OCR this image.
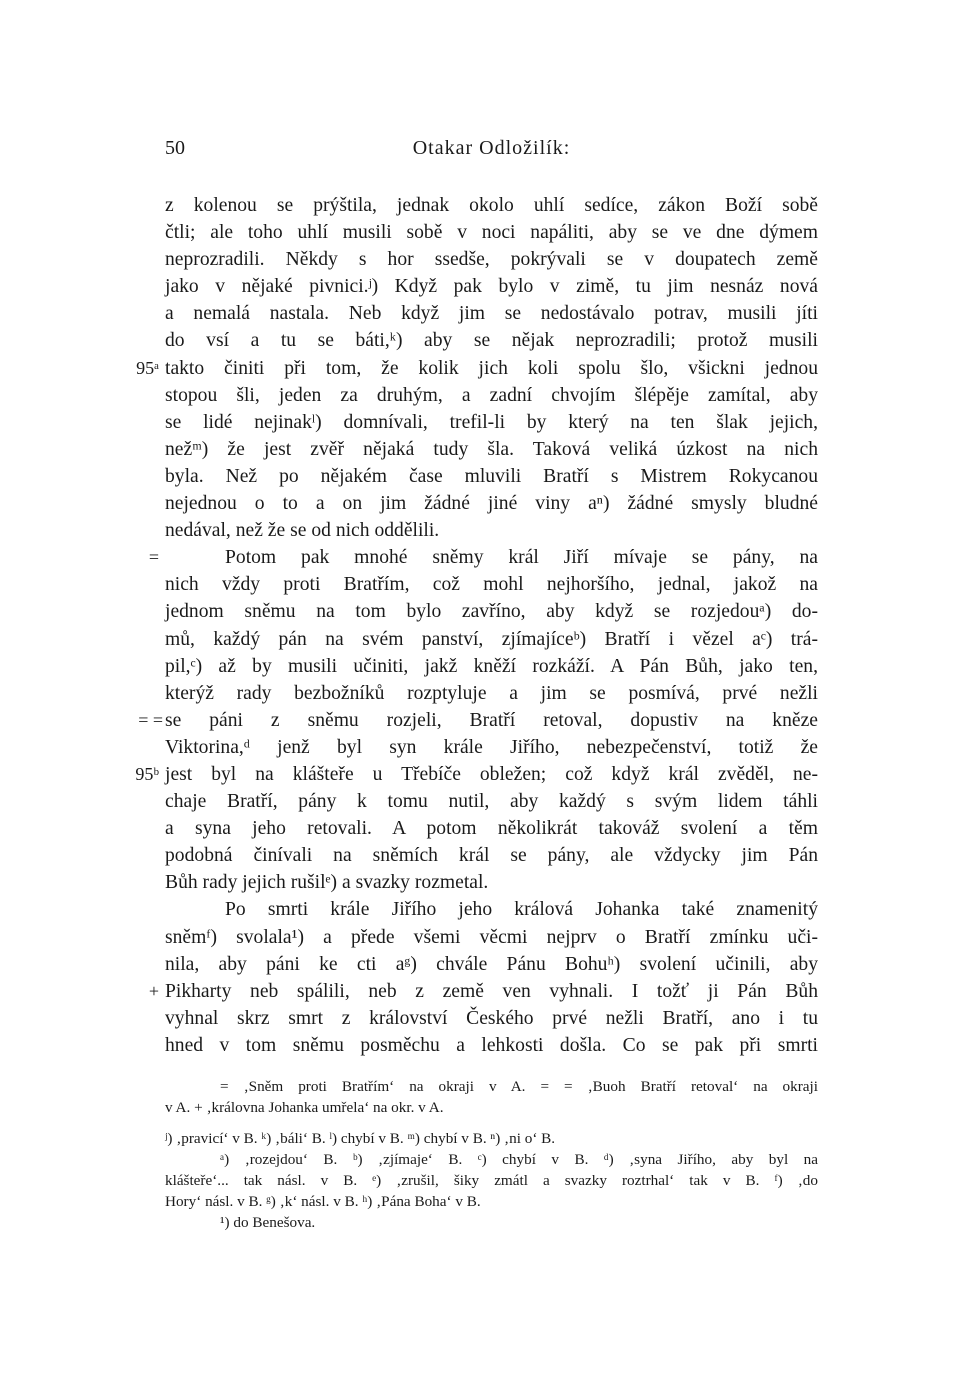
50	Otakar Odložilík:
z kolenou se prýštila, jednak okolo uhlí sedíce, zákon Boží sobě
čtli; ale toho uhlí musili sobě v noci napáliti, aby se ve dne dýmem
neprozradili. Někdy s hor ssedše, pokrývali se v doupatech země
jako v nějaké pivnici.ʲ) Když pak bylo v zimě, tu jim nesnáz nová
a nemalá nastala. Neb když jim se nedostávalo potrav, musili jíti
do vsí a tu se báti,ᵏ) aby se nějak neprozradili; protož musili
95ᵃ takto činiti při tom, že kolik jich koli spolu šlo, všickni jednou
stopou šli, jeden za druhým, a zadní chvojím šlépěje zamítal, aby
se lidé nejinakˡ) domnívali, trefil-li by který na ten šlak jejich,
nežᵐ) že jest zvěř nějaká tudy šla. Taková veliká úzkost na nich
byla. Než po nějakém čase mluvili Bratří s Mistrem Rokycanou
nejednou o to a on jim žádné jiné viny aⁿ) žádné smysly bludné
nedával, než že se od nich oddělili.
=	Potom pak mnohé sněmy král Jiří mívaje se pány, na
nich vždy proti Bratřím, což mohl nejhoršího, jednal, jakož na
jednom sněmu na tom bylo zavříno, aby když se rozjedouᵃ) do-
mů, každý pán na svém panství, zjímajíceᵇ) Bratří i vězel aᶜ) trá-
pil,ᶜ) až by musili učiniti, jakž kněží rozkáží. A Pán Bůh, jako ten,
kterýž rady bezbožníků rozptyluje a jim se posmívá, prvé nežli
= = se páni z sněmu rozjeli, Bratří retoval, dopustiv na kněze
Viktorina,ᵈ jenž byl syn krále Jiřího, nebezpečenství, totiž že
95ᵇ jest byl na klášteře u Třebíče obležen; což když král zvěděl, ne-
chaje Bratří, pány k tomu nutil, aby každý s svým lidem táhli
a syna jeho retovali. A potom několikrát takováž svolení a těm
podobná činívali na sněmích král se pány, ale vždycky jim Pán
Bůh rady jejich rušilᵉ) a svazky rozmetal.
Po smrti krále Jiřího jeho králová Johanka také znamenitý
sněmᶠ) svolala¹) a přede všemi věcmi nejprv o Bratří zmínku uči-
nila, aby páni ke cti aᵍ) chvále Pánu Bohuʰ) svolení učinili, aby
+ Pikharty neb spálili, neb z země ven vyhnali. I tožť ji Pán Bůh
vyhnal skrz smrt z království Českého prvé nežli Bratří, ano i tu
hned v tom sněmu posměchu a lehkosti došla. Co se pak při smrti
= ‚Sněm proti Bratřím‘ na okraji v A. = = ‚Buoh Bratří retoval‘ na okraji
v A. + ‚královna Johanka umřela‘ na okr. v A.
ʲ) ‚pravicí‘ v B. ᵏ) ‚báli‘ B. ˡ) chybí v B. ᵐ) chybí v B. ⁿ) ‚ni o‘ B.
ᵃ) ‚rozejdou‘ B. ᵇ) ‚zjímaje‘ B. ᶜ) chybí v B. ᵈ) ‚syna Jiřího, aby byl na
klášteře‘... tak násl. v B. ᵉ) ‚zrušil, šiky zmátl a svazky roztrhal‘ tak v B. ᶠ) ‚do
Hory‘ násl. v B. ᵍ) ‚k‘ násl. v B. ʰ) ‚Pána Boha‘ v B.
¹) do Benešova.
